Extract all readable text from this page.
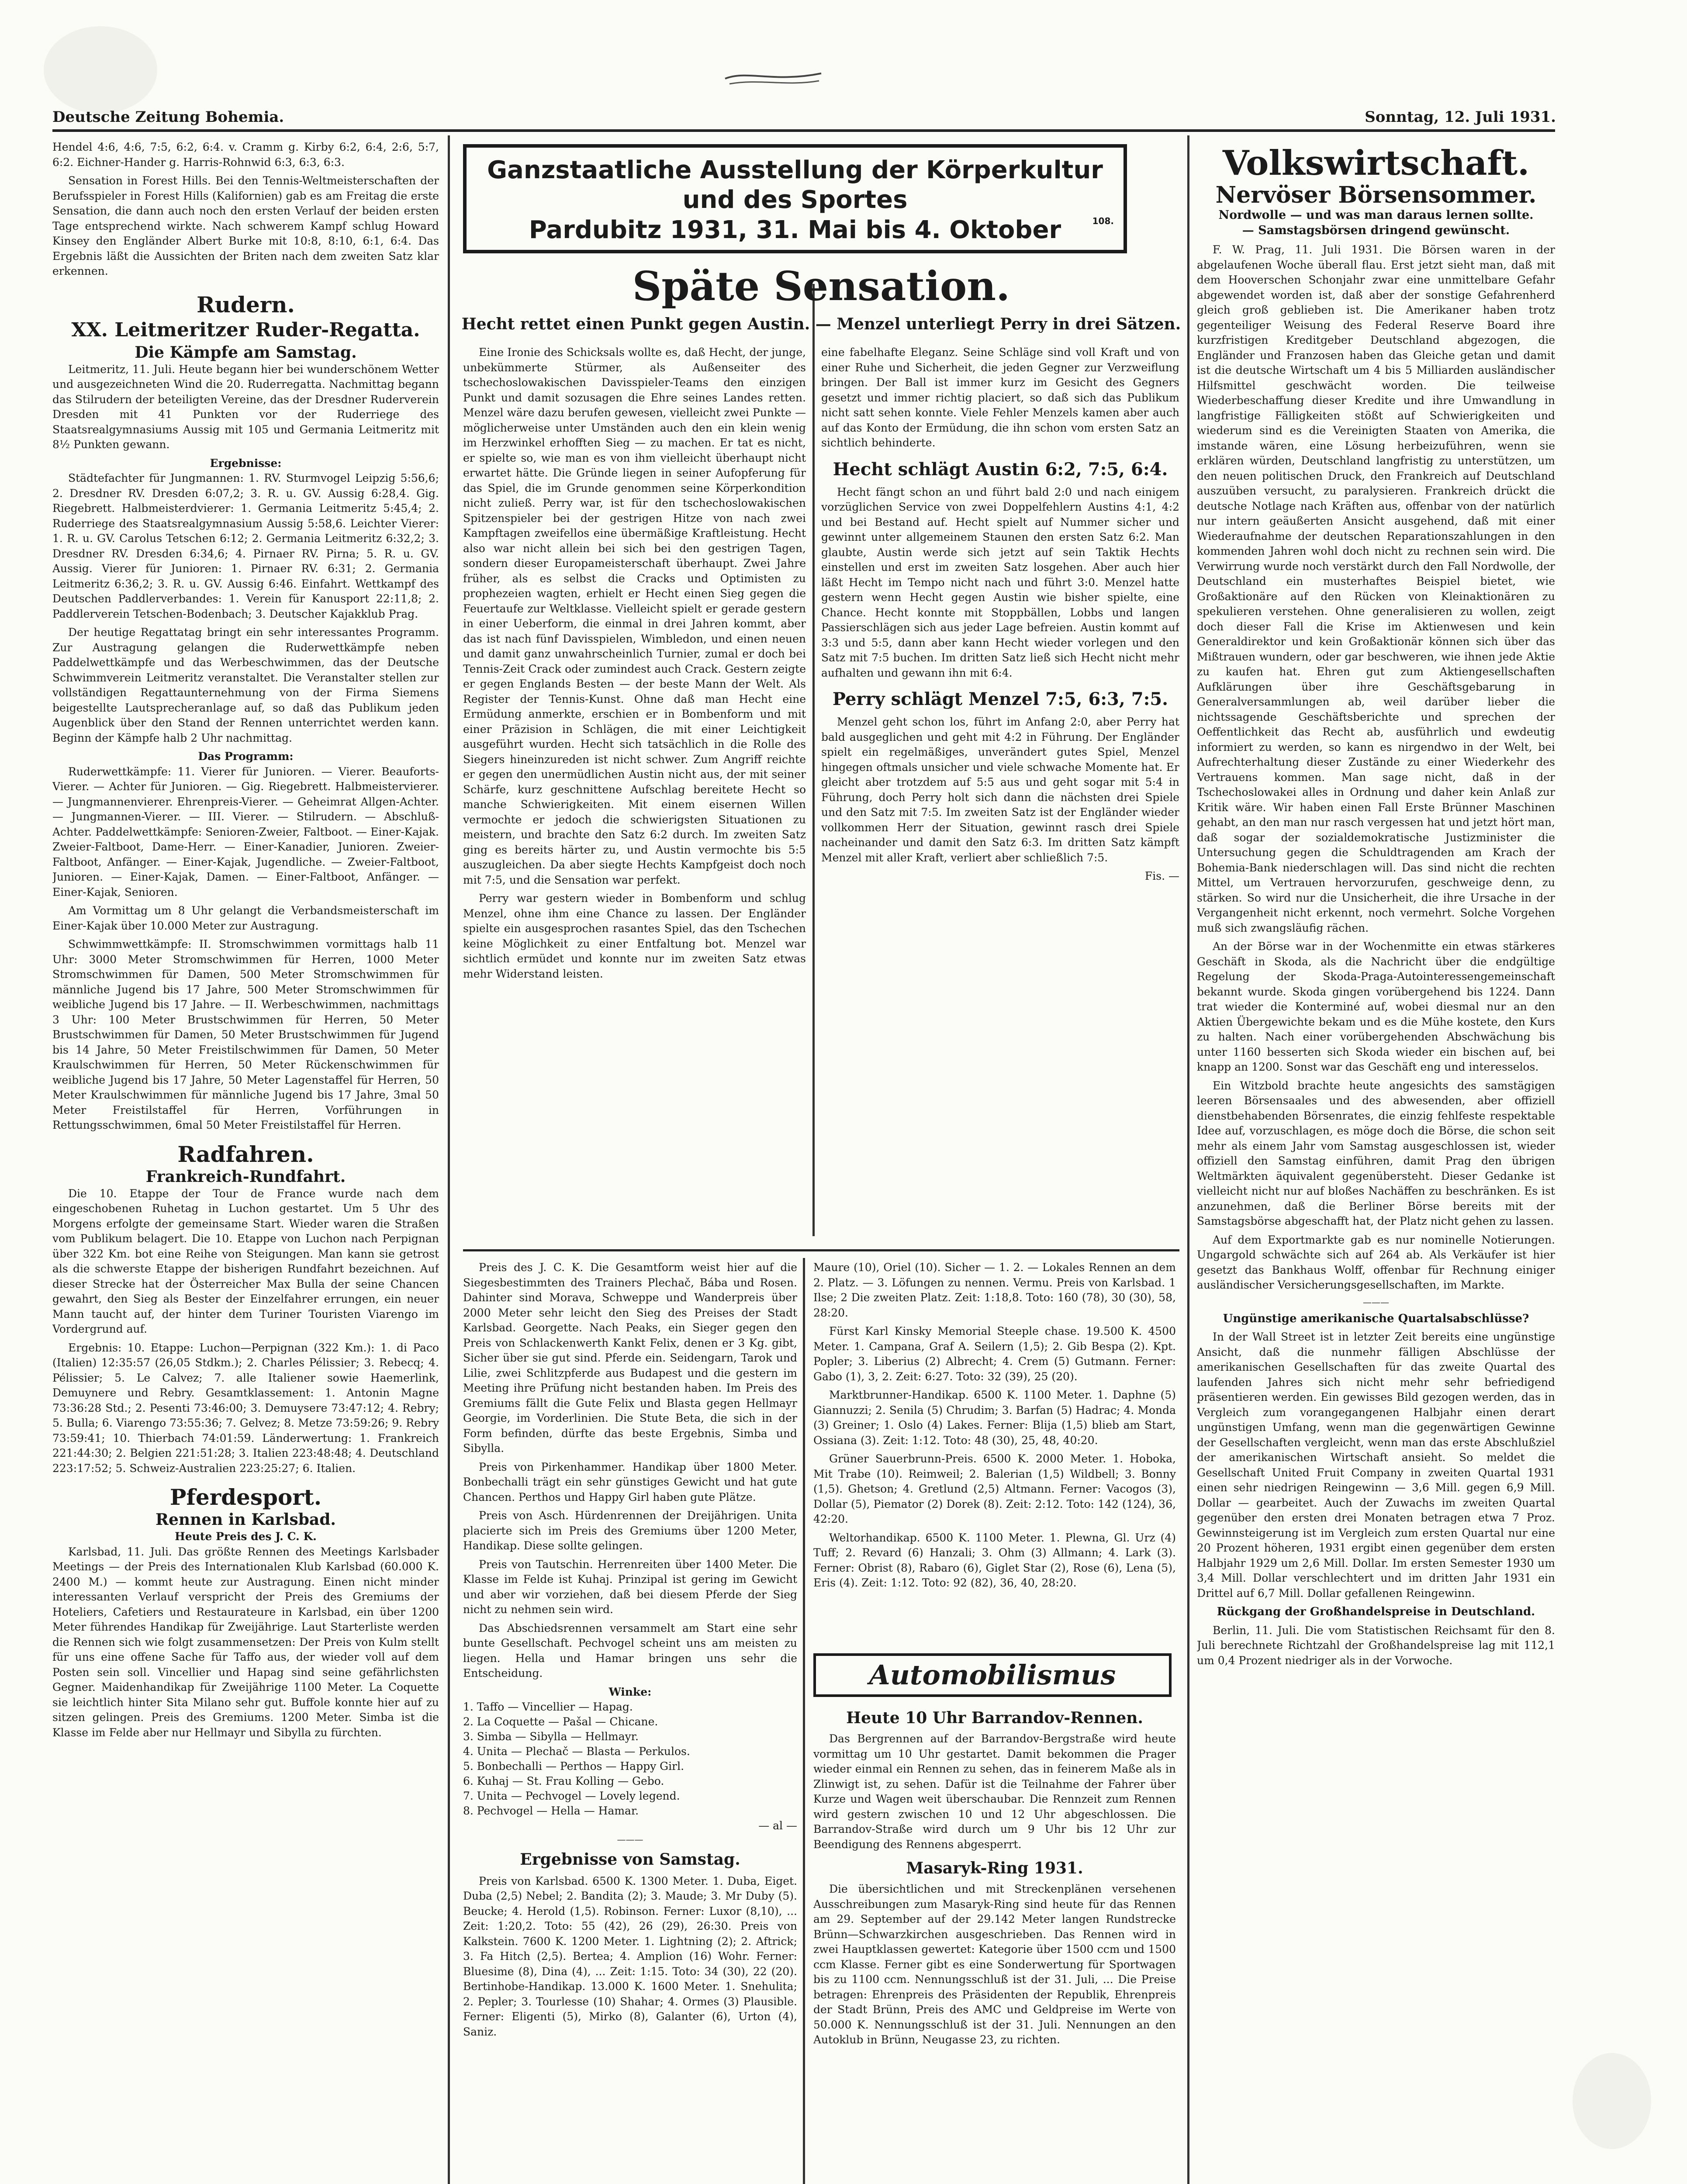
Deutsche Zeitung Bohemia.	Sonntag, 12. Juli 1931.

Hendel 4:6, 4:6, 7:5, 6:2, 6:4. v. Cramm g. Kirby 6:2, 6:4, 2:6, 5:7, 6:2. Eichner-Hander g. Harris-Rohnwid 6:3, 6:3, 6:3.

Sensation in Forest Hills. Bei den Tennis-Weltmeisterschaften der Berufsspieler in Forest Hills (Kalifornien) gab es am Freitag die erste Sensation, die dann auch noch den ersten Verlauf der beiden ersten Tage entsprechend wirkte. Nach schwerem Kampf schlug Howard Kinsey den Engländer Albert Burke mit 10:8, 8:10, 6:1, 6:4. Das Ergebnis läßt die Aussichten der Briten nach dem zweiten Satz klar erkennen.

Rudern.
XX. Leitmeritzer Ruder-Regatta.
Die Kämpfe am Samstag.

Leitmeritz, 11. Juli. Heute begann hier bei wunderschönem Wetter und ausgezeichneten Wind die 20. Ruderregatta. Nachmittag begann das Stilrudern der beteiligten Vereine, das der Dresdner Ruderverein Dresden mit 41 Punkten vor der Ruderriege des Staatsrealgymnasiums Aussig mit 105 und Germania Leitmeritz mit 8½ Punkten gewann.

Ergebnisse:

Städtefachter für Jungmannen: 1. RV. Sturmvogel Leipzig 5:56,6; 2. Dresdner RV. Dresden 6:07,2; 3. R. u. GV. Aussig 6:28,4. Gig. Riegebrett. Halbmeisterdvierer: 1. Germania Leitmeritz 5:45,4; 2. Ruderriege des Staatsrealgymnasium Aussig 5:58,6. Leichter Vierer: 1. R. u. GV. Carolus Tetschen 6:12; 2. Germania Leitmeritz 6:32,2; 3. Dresdner RV. Dresden 6:34,6; 4. Pirnaer RV. Pirna; 5. R. u. GV. Aussig. Vierer für Junioren: 1. Pirnaer RV. 6:31; 2. Germania Leitmeritz 6:36,2; 3. R. u. GV. Aussig 6:46. Einfahrt. Wettkampf des Deutschen Paddlerverbandes: 1. Verein für Kanusport 22:11,8; 2. Paddlerverein Tetschen-Bodenbach; 3. Deutscher Kajakklub Prag.

Der heutige Regattatag bringt ein sehr interessantes Programm. Zur Austragung gelangen die Ruderwettkämpfe neben Paddelwettkämpfe und das Werbeschwimmen, das der Deutsche Schwimmverein Leitmeritz veranstaltet. Die Veranstalter stellen zur vollständigen Regattaunternehmung von der Firma Siemens beigestellte Lautsprecheranlage auf, so daß das Publikum jeden Augenblick über den Stand der Rennen unterrichtet werden kann. Beginn der Kämpfe halb 2 Uhr nachmittag.

Das Programm:

Ruderwettkämpfe: 11. Vierer für Junioren. — Vierer. Beauforts-Vierer. — Achter für Junioren. — Gig. Riegebrett. Halbmeistervierer. — Jungmannenvierer. Ehrenpreis-Vierer. — Geheimrat Allgen-Achter. — Jungmannen-Vierer. — III. Vierer. — Stilrudern. — Abschluß-Achter. Paddelwettkämpfe: Senioren-Zweier, Faltboot. — Einer-Kajak. Zweier-Faltboot, Dame-Herr. — Einer-Kanadier, Junioren. Zweier-Faltboot, Anfänger. — Einer-Kajak, Jugendliche. — Zweier-Faltboot, Junioren. — Einer-Kajak, Damen. — Einer-Faltboot, Anfänger. — Einer-Kajak, Senioren.

Am Vormittag um 8 Uhr gelangt die Verbandsmeisterschaft im Einer-Kajak über 10.000 Meter zur Austragung.

Schwimmwettkämpfe: II. Stromschwimmen vormittags halb 11 Uhr: 3000 Meter Stromschwimmen für Herren, 1000 Meter Stromschwimmen für Damen, 500 Meter Stromschwimmen für männliche Jugend bis 17 Jahre, 500 Meter Stromschwimmen für weibliche Jugend bis 17 Jahre. — II. Werbeschwimmen, nachmittags 3 Uhr: 100 Meter Brustschwimmen für Herren, 50 Meter Brustschwimmen für Damen, 50 Meter Brustschwimmen für Jugend bis 14 Jahre, 50 Meter Freistilschwimmen für Damen, 50 Meter Kraulschwimmen für Herren, 50 Meter Rückenschwimmen für weibliche Jugend bis 17 Jahre, 50 Meter Lagenstaffel für Herren, 50 Meter Kraulschwimmen für männliche Jugend bis 17 Jahre, 3mal 50 Meter Freistilstaffel für Herren, Vorführungen in Rettungsschwimmen, 6mal 50 Meter Freistilstaffel für Herren.

Radfahren.
Frankreich-Rundfahrt.

Die 10. Etappe der Tour de France wurde nach dem eingeschobenen Ruhetag in Luchon gestartet. Um 5 Uhr des Morgens erfolgte der gemeinsame Start. Wieder waren die Straßen vom Publikum belagert. Die 10. Etappe von Luchon nach Perpignan über 322 Km. bot eine Reihe von Steigungen. Man kann sie getrost als die schwerste Etappe der bisherigen Rundfahrt bezeichnen. Auf dieser Strecke hat der Österreicher Max Bulla der seine Chancen gewahrt, den Sieg als Bester der Einzelfahrer errungen, ein neuer Mann taucht auf, der hinter dem Turiner Touristen Viarengo im Vordergrund auf.

Ergebnis: 10. Etappe: Luchon—Perpignan (322 Km.): 1. di Paco (Italien) 12:35:57 (26,05 Stdkm.); 2. Charles Pélissier; 3. Rebecq; 4. Pélissier; 5. Le Calvez; 7. alle Italiener sowie Haemerlink, Demuynere und Rebry. Gesamtklassement: 1. Antonin Magne 73:36:28 Std.; 2. Pesenti 73:46:00; 3. Demuysere 73:47:12; 4. Rebry; 5. Bulla; 6. Viarengo 73:55:36; 7. Gelvez; 8. Metze 73:59:26; 9. Rebry 73:59:41; 10. Thierbach 74:01:59. Länderwertung: 1. Frankreich 221:44:30; 2. Belgien 221:51:28; 3. Italien 223:48:48; 4. Deutschland 223:17:52; 5. Schweiz-Australien 223:25:27; 6. Italien.

Pferdesport.
Rennen in Karlsbad.
Heute Preis des J. C. K.

Karlsbad, 11. Juli. Das größte Rennen des Meetings Karlsbader Meetings — der Preis des Internationalen Klub Karlsbad (60.000 K. 2400 M.) — kommt heute zur Austragung. Einen nicht minder interessanten Verlauf verspricht der Preis des Gremiums der Hoteliers, Cafetiers und Restaurateure in Karlsbad, ein über 1200 Meter führendes Handikap für Zweijährige. Laut Starterliste werden die Rennen sich wie folgt zusammensetzen: Der Preis von Kulm stellt für uns eine offene Sache für Taffo aus, der wieder voll auf dem Posten sein soll. Vincellier und Hapag sind seine gefährlichsten Gegner. Maidenhandikap für Zweijährige 1100 Meter. La Coquette sie leichtlich hinter Sita Milano sehr gut. Buffole konnte hier auf zu sitzen gelingen. Preis des Gremiums. 1200 Meter. Simba ist die Klasse im Felde aber nur Hellmayr und Sibylla zu fürchten.

Ganzstaatliche Ausstellung der Körperkultur
und des Sportes
Pardubitz 1931, 31. Mai bis 4. Oktober	108.
Späte Sensation.
Hecht rettet einen Punkt gegen Austin. — Menzel unterliegt Perry in drei Sätzen.

Eine Ironie des Schicksals wollte es, daß Hecht, der junge, unbekümmerte Stürmer, als Außenseiter des tschechoslowakischen Davisspieler-Teams den einzigen Punkt und damit sozusagen die Ehre seines Landes retten. Menzel wäre dazu berufen gewesen, vielleicht zwei Punkte — möglicherweise unter Umständen auch den ein klein wenig im Herzwinkel erhofften Sieg — zu machen. Er tat es nicht, er spielte so, wie man es von ihm vielleicht überhaupt nicht erwartet hätte. Die Gründe liegen in seiner Aufopferung für das Spiel, die im Grunde genommen seine Körperkondition nicht zuließ. Perry war, ist für den tschechoslowakischen Spitzenspieler bei der gestrigen Hitze von nach zwei Kampftagen zweifellos eine übermäßige Kraftleistung. Hecht also war nicht allein bei sich bei den gestrigen Tagen, sondern dieser Europameisterschaft überhaupt. Zwei Jahre früher, als es selbst die Cracks und Optimisten zu prophezeien wagten, erhielt er Hecht einen Sieg gegen die Feuertaufe zur Weltklasse. Vielleicht spielt er gerade gestern in einer Ueberform, die einmal in drei Jahren kommt, aber das ist nach fünf Davisspielen, Wimbledon, und einen neuen und damit ganz unwahrscheinlich Turnier, zumal er doch bei Tennis-Zeit Crack oder zumindest auch Crack. Gestern zeigte er gegen Englands Besten — der beste Mann der Welt. Als Register der Tennis-Kunst. Ohne daß man Hecht eine Ermüdung anmerkte, erschien er in Bombenform und mit einer Präzision in Schlägen, die mit einer Leichtigkeit ausgeführt wurden. Hecht sich tatsächlich in die Rolle des Siegers hineinzureden ist nicht schwer. Zum Angriff reichte er gegen den unermüdlichen Austin nicht aus, der mit seiner Schärfe, kurz geschnittene Aufschlag bereitete Hecht so manche Schwierigkeiten. Mit einem eisernen Willen vermochte er jedoch die schwierigsten Situationen zu meistern, und brachte den Satz 6:2 durch. Im zweiten Satz ging es bereits härter zu, und Austin vermochte bis 5:5 auszugleichen. Da aber siegte Hechts Kampfgeist doch noch mit 7:5, und die Sensation war perfekt.

Perry war gestern wieder in Bombenform und schlug Menzel, ohne ihm eine Chance zu lassen. Der Engländer spielte ein ausgesprochen rasantes Spiel, das den Tschechen keine Möglichkeit zu einer Entfaltung bot. Menzel war sichtlich ermüdet und konnte nur im zweiten Satz etwas mehr Widerstand leisten.

eine fabelhafte Eleganz. Seine Schläge sind voll Kraft und von einer Ruhe und Sicherheit, die jeden Gegner zur Verzweiflung bringen. Der Ball ist immer kurz im Gesicht des Gegners gesetzt und immer richtig placiert, so daß sich das Publikum nicht satt sehen konnte. Viele Fehler Menzels kamen aber auch auf das Konto der Ermüdung, die ihn schon vom ersten Satz an sichtlich behinderte.

Hecht schlägt Austin 6:2, 7:5, 6:4.

Hecht fängt schon an und führt bald 2:0 und nach einigem vorzüglichen Service von zwei Doppelfehlern Austins 4:1, 4:2 und bei Bestand auf. Hecht spielt auf Nummer sicher und gewinnt unter allgemeinem Staunen den ersten Satz 6:2. Man glaubte, Austin werde sich jetzt auf sein Taktik Hechts einstellen und erst im zweiten Satz losgehen. Aber auch hier läßt Hecht im Tempo nicht nach und führt 3:0. Menzel hatte gestern wenn Hecht gegen Austin wie bisher spielte, eine Chance. Hecht konnte mit Stoppbällen, Lobbs und langen Passierschlägen sich aus jeder Lage befreien. Austin kommt auf 3:3 und 5:5, dann aber kann Hecht wieder vorlegen und den Satz mit 7:5 buchen. Im dritten Satz ließ sich Hecht nicht mehr aufhalten und gewann ihn mit 6:4.

Perry schlägt Menzel 7:5, 6:3, 7:5.

Menzel geht schon los, führt im Anfang 2:0, aber Perry hat bald ausgeglichen und geht mit 4:2 in Führung. Der Engländer spielt ein regelmäßiges, unverändert gutes Spiel, Menzel hingegen oftmals unsicher und viele schwache Momente hat. Er gleicht aber trotzdem auf 5:5 aus und geht sogar mit 5:4 in Führung, doch Perry holt sich dann die nächsten drei Spiele und den Satz mit 7:5. Im zweiten Satz ist der Engländer wieder vollkommen Herr der Situation, gewinnt rasch drei Spiele nacheinander und damit den Satz 6:3. Im dritten Satz kämpft Menzel mit aller Kraft, verliert aber schließlich 7:5.

Fis. —

Preis des J. C. K. Die Gesamtform weist hier auf die Siegesbestimmten des Trainers Plechač, Bába und Rosen. Dahinter sind Morava, Schweppe und Wanderpreis über 2000 Meter sehr leicht den Sieg des Preises der Stadt Karlsbad. Georgette. Nach Peaks, ein Sieger gegen den Preis von Schlackenwerth Kankt Felix, denen er 3 Kg. gibt, Sicher über sie gut sind. Pferde ein. Seidengarn, Tarok und Lilie, zwei Schlitzpferde aus Budapest und die gestern im Meeting ihre Prüfung nicht bestanden haben. Im Preis des Gremiums fällt die Gute Felix und Blasta gegen Hellmayr Georgie, im Vorderlinien. Die Stute Beta, die sich in der Form befinden, dürfte das beste Ergebnis, Simba und Sibylla.

Preis von Pirkenhammer. Handikap über 1800 Meter. Bonbechalli trägt ein sehr günstiges Gewicht und hat gute Chancen. Perthos und Happy Girl haben gute Plätze.

Preis von Asch. Hürdenrennen der Dreijährigen. Unita placierte sich im Preis des Gremiums über 1200 Meter, Handikap. Diese sollte gelingen.

Preis von Tautschin. Herrenreiten über 1400 Meter. Die Klasse im Felde ist Kuhaj. Prinzipal ist gering im Gewicht und aber wir vorziehen, daß bei diesem Pferde der Sieg nicht zu nehmen sein wird.

Das Abschiedsrennen versammelt am Start eine sehr bunte Gesellschaft. Pechvogel scheint uns am meisten zu liegen. Hella und Hamar bringen uns sehr die Entscheidung.

Winke:
1. Taffo — Vincellier — Hapag.
2. La Coquette — Pašal — Chicane.
3. Simba — Sibylla — Hellmayr.
4. Unita — Plechač — Blasta — Perkulos.
5. Bonbechalli — Perthos — Happy Girl.
6. Kuhaj — St. Frau Kolling — Gebo.
7. Unita — Pechvogel — Lovely legend.
8. Pechvogel — Hella — Hamar.
— al —
———
Ergebnisse von Samstag.

Preis von Karlsbad. 6500 K. 1300 Meter. 1. Duba, Eiget. Duba (2,5) Nebel; 2. Bandita (2); 3. Maude; 3. Mr Duby (5). Beucke; 4. Herold (1,5). Robinson. Ferner: Luxor (8,10), ... Zeit: 1:20,2. Toto: 55 (42), 26 (29), 26:30. Preis von Kalkstein. 7600 K. 1200 Meter. 1. Lightning (2); 2. Aftrick; 3. Fa Hitch (2,5). Bertea; 4. Amplion (16) Wohr. Ferner: Bluesime (8), Dina (4), ... Zeit: 1:15. Toto: 34 (30), 22 (20). Bertinhobe-Handikap. 13.000 K. 1600 Meter. 1. Snehulita; 2. Pepler; 3. Tourlesse (10) Shahar; 4. Ormes (3) Plausible. Ferner: Eligenti (5), Mirko (8), Galanter (6), Urton (4), Saniz.

Maure (10), Oriel (10). Sicher — 1. 2. — Lokales Rennen an dem 2. Platz. — 3. Löfungen zu nennen. Vermu. Preis von Karlsbad. 1 Ilse; 2 Die zweiten Platz. Zeit: 1:18,8. Toto: 160 (78), 30 (30), 58, 28:20.

Fürst Karl Kinsky Memorial Steeple chase. 19.500 K. 4500 Meter. 1. Campana, Graf A. Seilern (1,5); 2. Gib Bespa (2). Kpt. Popler; 3. Liberius (2) Albrecht; 4. Crem (5) Gutmann. Ferner: Gabo (1), 3, 2. Zeit: 6:27. Toto: 32 (39), 25 (20).

Marktbrunner-Handikap. 6500 K. 1100 Meter. 1. Daphne (5) Giannuzzi; 2. Senila (5) Chrudim; 3. Barfan (5) Hadrac; 4. Monda (3) Greiner; 1. Oslo (4) Lakes. Ferner: Blija (1,5) blieb am Start, Ossiana (3). Zeit: 1:12. Toto: 48 (30), 25, 48, 40:20.

Grüner Sauerbrunn-Preis. 6500 K. 2000 Meter. 1. Hoboka, Mit Trabe (10). Reimweil; 2. Balerian (1,5) Wildbell; 3. Bonny (1,5). Ghetson; 4. Gretlund (2,5) Altmann. Ferner: Vacogos (3), Dollar (5), Piemator (2) Dorek (8). Zeit: 2:12. Toto: 142 (124), 36, 42:20.

Weltorhandikap. 6500 K. 1100 Meter. 1. Plewna, Gl. Urz (4) Tuff; 2. Revard (6) Hanzali; 3. Ohm (3) Allmann; 4. Lark (3). Ferner: Obrist (8), Rabaro (6), Giglet Star (2), Rose (6), Lena (5), Eris (4). Zeit: 1:12. Toto: 92 (82), 36, 40, 28:20.

Automobilismus
Heute 10 Uhr Barrandov-Rennen.

Das Bergrennen auf der Barrandov-Bergstraße wird heute vormittag um 10 Uhr gestartet. Damit bekommen die Prager wieder einmal ein Rennen zu sehen, das in feinerem Maße als in Zlinwigt ist, zu sehen. Dafür ist die Teilnahme der Fahrer über Kurze und Wagen weit überschaubar. Die Rennzeit zum Rennen wird gestern zwischen 10 und 12 Uhr abgeschlossen. Die Barrandov-Straße wird durch um 9 Uhr bis 12 Uhr zur Beendigung des Rennens abgesperrt.

Masaryk-Ring 1931.

Die übersichtlichen und mit Streckenplänen versehenen Ausschreibungen zum Masaryk-Ring sind heute für das Rennen am 29. September auf der 29.142 Meter langen Rundstrecke Brünn—Schwarzkirchen ausgeschrieben. Das Rennen wird in zwei Hauptklassen gewertet: Kategorie über 1500 ccm und 1500 ccm Klasse. Ferner gibt es eine Sonderwertung für Sportwagen bis zu 1100 ccm. Nennungsschluß ist der 31. Juli, ... Die Preise betragen: Ehrenpreis des Präsidenten der Republik, Ehrenpreis der Stadt Brünn, Preis des AMC und Geldpreise im Werte von 50.000 K. Nennungsschluß ist der 31. Juli. Nennungen an den Autoklub in Brünn, Neugasse 23, zu richten.

Volkswirtschaft.
Nervöser Börsensommer.
Nordwolle — und was man daraus lernen sollte.
— Samstagsbörsen dringend gewünscht.

F. W. Prag, 11. Juli 1931. Die Börsen waren in der abgelaufenen Woche überall flau. Erst jetzt sieht man, daß mit dem Hooverschen Schonjahr zwar eine unmittelbare Gefahr abgewendet worden ist, daß aber der sonstige Gefahrenherd gleich groß geblieben ist. Die Amerikaner haben trotz gegenteiliger Weisung des Federal Reserve Board ihre kurzfristigen Kreditgeber Deutschland abgezogen, die Engländer und Franzosen haben das Gleiche getan und damit ist die deutsche Wirtschaft um 4 bis 5 Milliarden ausländischer Hilfsmittel geschwächt worden. Die teilweise Wiederbeschaffung dieser Kredite und ihre Umwandlung in langfristige Fälligkeiten stößt auf Schwierigkeiten und wiederum sind es die Vereinigten Staaten von Amerika, die imstande wären, eine Lösung herbeizuführen, wenn sie erklären würden, Deutschland langfristig zu unterstützen, um den neuen politischen Druck, den Frankreich auf Deutschland auszuüben versucht, zu paralysieren. Frankreich drückt die deutsche Notlage nach Kräften aus, offenbar von der natürlich nur intern geäußerten Ansicht ausgehend, daß mit einer Wiederaufnahme der deutschen Reparationszahlungen in den kommenden Jahren wohl doch nicht zu rechnen sein wird. Die Verwirrung wurde noch verstärkt durch den Fall Nordwolle, der Deutschland ein musterhaftes Beispiel bietet, wie Großaktionäre auf den Rücken von Kleinaktionären zu spekulieren verstehen. Ohne generalisieren zu wollen, zeigt doch dieser Fall die Krise im Aktienwesen und kein Generaldirektor und kein Großaktionär können sich über das Mißtrauen wundern, oder gar beschweren, wie ihnen jede Aktie zu kaufen hat. Ehren gut zum Aktiengesellschaften Aufklärungen über ihre Geschäftsgebarung in Generalversammlungen ab, weil darüber lieber die nichtssagende Geschäftsberichte und sprechen der Oeffentlichkeit das Recht ab, ausführlich und ewdeutig informiert zu werden, so kann es nirgendwo in der Welt, bei Aufrechterhaltung dieser Zustände zu einer Wiederkehr des Vertrauens kommen. Man sage nicht, daß in der Tschechoslowakei alles in Ordnung und daher kein Anlaß zur Kritik wäre. Wir haben einen Fall Erste Brünner Maschinen gehabt, an den man nur rasch vergessen hat und jetzt hört man, daß sogar der sozialdemokratische Justizminister die Untersuchung gegen die Schuldtragenden am Krach der Bohemia-Bank niederschlagen will. Das sind nicht die rechten Mittel, um Vertrauen hervorzurufen, geschweige denn, zu stärken. So wird nur die Unsicherheit, die ihre Ursache in der Vergangenheit nicht erkennt, noch vermehrt. Solche Vorgehen muß sich zwangsläufig rächen.

An der Börse war in der Wochenmitte ein etwas stärkeres Geschäft in Skoda, als die Nachricht über die endgültige Regelung der Skoda-Praga-Autointeressengemeinschaft bekannt wurde. Skoda gingen vorübergehend bis 1224. Dann trat wieder die Konterminé auf, wobei diesmal nur an den Aktien Übergewichte bekam und es die Mühe kostete, den Kurs zu halten. Nach einer vorübergehenden Abschwächung bis unter 1160 besserten sich Skoda wieder ein bischen auf, bei knapp an 1200. Sonst war das Geschäft eng und interesselos.

Ein Witzbold brachte heute angesichts des samstägigen leeren Börsensaales und des abwesenden, aber offiziell dienstbehabenden Börsenrates, die einzig fehlfeste respektable Idee auf, vorzuschlagen, es möge doch die Börse, die schon seit mehr als einem Jahr vom Samstag ausgeschlossen ist, wieder offiziell den Samstag einführen, damit Prag den übrigen Weltmärkten äquivalent gegenübersteht. Dieser Gedanke ist vielleicht nicht nur auf bloßes Nachäffen zu beschränken. Es ist anzunehmen, daß die Berliner Börse bereits mit der Samstagsbörse abgeschafft hat, der Platz nicht gehen zu lassen.

Auf dem Exportmarkte gab es nur nominelle Notierungen. Ungargold schwächte sich auf 264 ab. Als Verkäufer ist hier gesetzt das Bankhaus Wolff, offenbar für Rechnung einiger ausländischer Versicherungsgesellschaften, im Markte.

———
Ungünstige amerikanische Quartalsabschlüsse?

In der Wall Street ist in letzter Zeit bereits eine ungünstige Ansicht, daß die nunmehr fälligen Abschlüsse der amerikanischen Gesellschaften für das zweite Quartal des laufenden Jahres sich nicht mehr sehr befriedigend präsentieren werden. Ein gewisses Bild gezogen werden, das in Vergleich zum vorangegangenen Halbjahr einen derart ungünstigen Umfang, wenn man die gegenwärtigen Gewinne der Gesellschaften vergleicht, wenn man das erste Abschlußziel der amerikanischen Wirtschaft ansieht. So meldet die Gesellschaft United Fruit Company in zweiten Quartal 1931 einen sehr niedrigen Reingewinn — 3,6 Mill. gegen 6,9 Mill. Dollar — gearbeitet. Auch der Zuwachs im zweiten Quartal gegenüber den ersten drei Monaten betragen etwa 7 Proz. Gewinnsteigerung ist im Vergleich zum ersten Quartal nur eine 20 Prozent höheren, 1931 ergibt einen gegenüber dem ersten Halbjahr 1929 um 2,6 Mill. Dollar. Im ersten Semester 1930 um 3,4 Mill. Dollar verschlechtert und im dritten Jahr 1931 ein Drittel auf 6,7 Mill. Dollar gefallenen Reingewinn.

Rückgang der Großhandelspreise in Deutschland.

Berlin, 11. Juli. Die vom Statistischen Reichsamt für den 8. Juli berechnete Richtzahl der Großhandelspreise lag mit 112,1 um 0,4 Prozent niedriger als in der Vorwoche.
